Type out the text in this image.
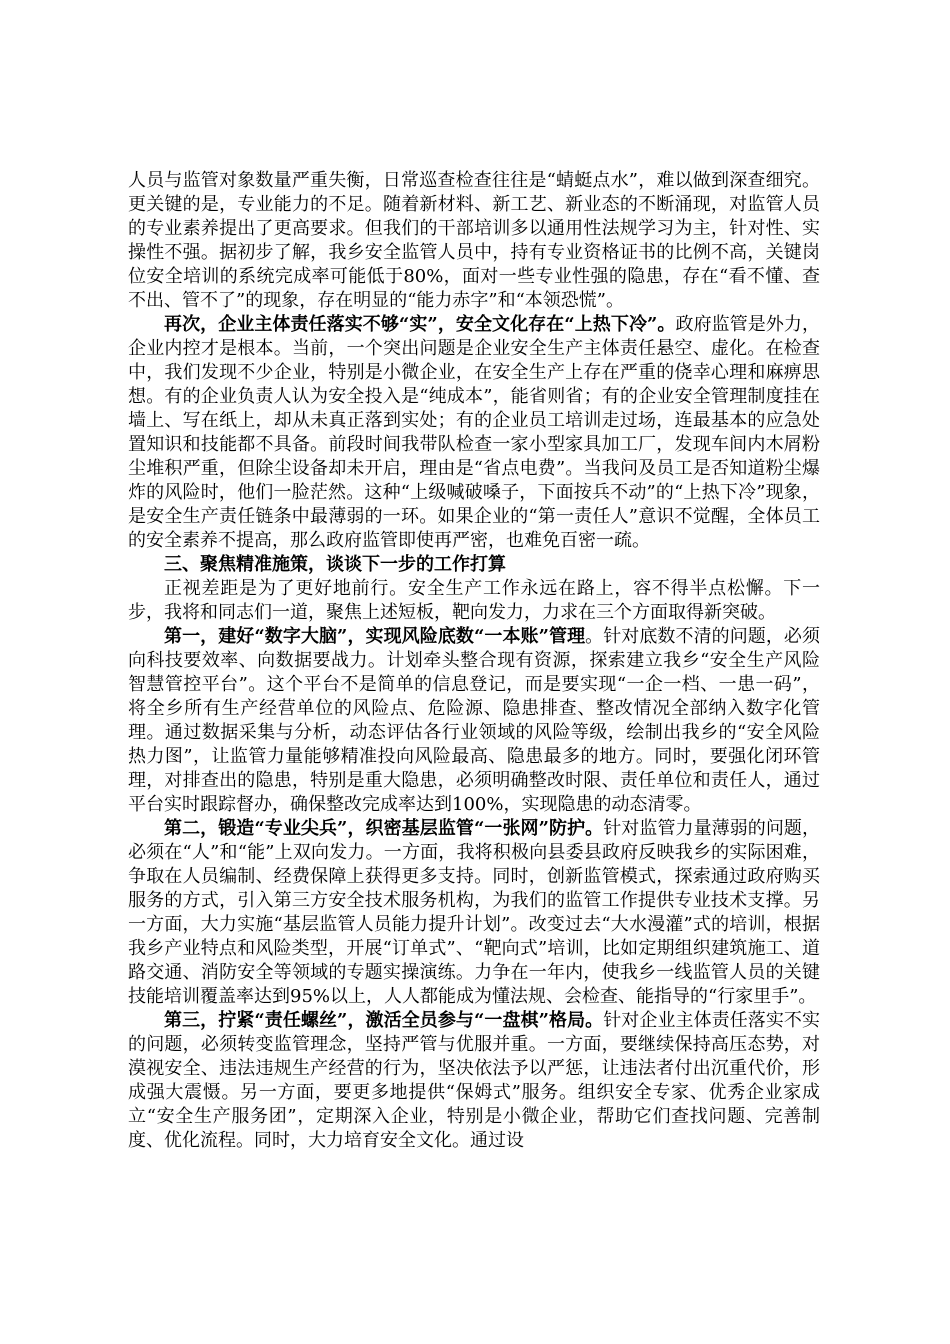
人员与监管对象数量严重失衡，日常巡查检查往往是“蜻蜓点水”，难以做到深查细究。更关键的是，专业能力的不足。随着新材料、新工艺、新业态的不断涌现，对监管人员的专业素养提出了更高要求。但我们的干部培训多以通用性法规学习为主，针对性、实操性不强。据初步了解，我乡安全监管人员中，持有专业资格证书的比例不高，关键岗位安全培训的系统完成率可能低于80%，面对一些专业性强的隐患，存在“看不懂、查不出、管不了”的现象，存在明显的“能力赤字”和“本领恐慌”。

再次，企业主体责任落实不够“实”，安全文化存在“上热下冷”。政府监管是外力，企业内控才是根本。当前，一个突出问题是企业安全生产主体责任悬空、虚化。在检查中，我们发现不少企业，特别是小微企业，在安全生产上存在严重的侥幸心理和麻痹思想。有的企业负责人认为安全投入是“纯成本”，能省则省；有的企业安全管理制度挂在墙上、写在纸上，却从未真正落到实处；有的企业员工培训走过场，连最基本的应急处置知识和技能都不具备。前段时间我带队检查一家小型家具加工厂，发现车间内木屑粉尘堆积严重，但除尘设备却未开启，理由是“省点电费”。当我问及员工是否知道粉尘爆炸的风险时，他们一脸茫然。这种“上级喊破嗓子，下面按兵不动”的“上热下冷”现象，是安全生产责任链条中最薄弱的一环。如果企业的“第一责任人”意识不觉醒，全体员工的安全素养不提高，那么政府监管即使再严密，也难免百密一疏。

三、聚焦精准施策，谈谈下一步的工作打算

正视差距是为了更好地前行。安全生产工作永远在路上，容不得半点松懈。下一步，我将和同志们一道，聚焦上述短板，靶向发力，力求在三个方面取得新突破。

第一，建好“数字大脑”，实现风险底数“一本账”管理。针对底数不清的问题，必须向科技要效率、向数据要战力。计划牵头整合现有资源，探索建立我乡“安全生产风险智慧管控平台”。这个平台不是简单的信息登记，而是要实现“一企一档、一患一码”，将全乡所有生产经营单位的风险点、危险源、隐患排查、整改情况全部纳入数字化管理。通过数据采集与分析，动态评估各行业领域的风险等级，绘制出我乡的“安全风险热力图”，让监管力量能够精准投向风险最高、隐患最多的地方。同时，要强化闭环管理，对排查出的隐患，特别是重大隐患，必须明确整改时限、责任单位和责任人，通过平台实时跟踪督办，确保整改完成率达到100%，实现隐患的动态清零。

第二，锻造“专业尖兵”，织密基层监管“一张网”防护。针对监管力量薄弱的问题，必须在“人”和“能”上双向发力。一方面，我将积极向县委县政府反映我乡的实际困难，争取在人员编制、经费保障上获得更多支持。同时，创新监管模式，探索通过政府购买服务的方式，引入第三方安全技术服务机构，为我们的监管工作提供专业技术支撑。另一方面，大力实施“基层监管人员能力提升计划”。改变过去“大水漫灌”式的培训，根据我乡产业特点和风险类型，开展“订单式”、“靶向式”培训，比如定期组织建筑施工、道路交通、消防安全等领域的专题实操演练。力争在一年内，使我乡一线监管人员的关键技能培训覆盖率达到95%以上，人人都能成为懂法规、会检查、能指导的“行家里手”。

第三，拧紧“责任螺丝”，激活全员参与“一盘棋”格局。针对企业主体责任落实不实的问题，必须转变监管理念，坚持严管与优服并重。一方面，要继续保持高压态势，对漠视安全、违法违规生产经营的行为，坚决依法予以严惩，让违法者付出沉重代价，形成强大震慑。另一方面，要更多地提供“保姆式”服务。组织安全专家、优秀企业家成立“安全生产服务团”，定期深入企业，特别是小微企业，帮助它们查找问题、完善制度、优化流程。同时，大力培育安全文化。通过设
